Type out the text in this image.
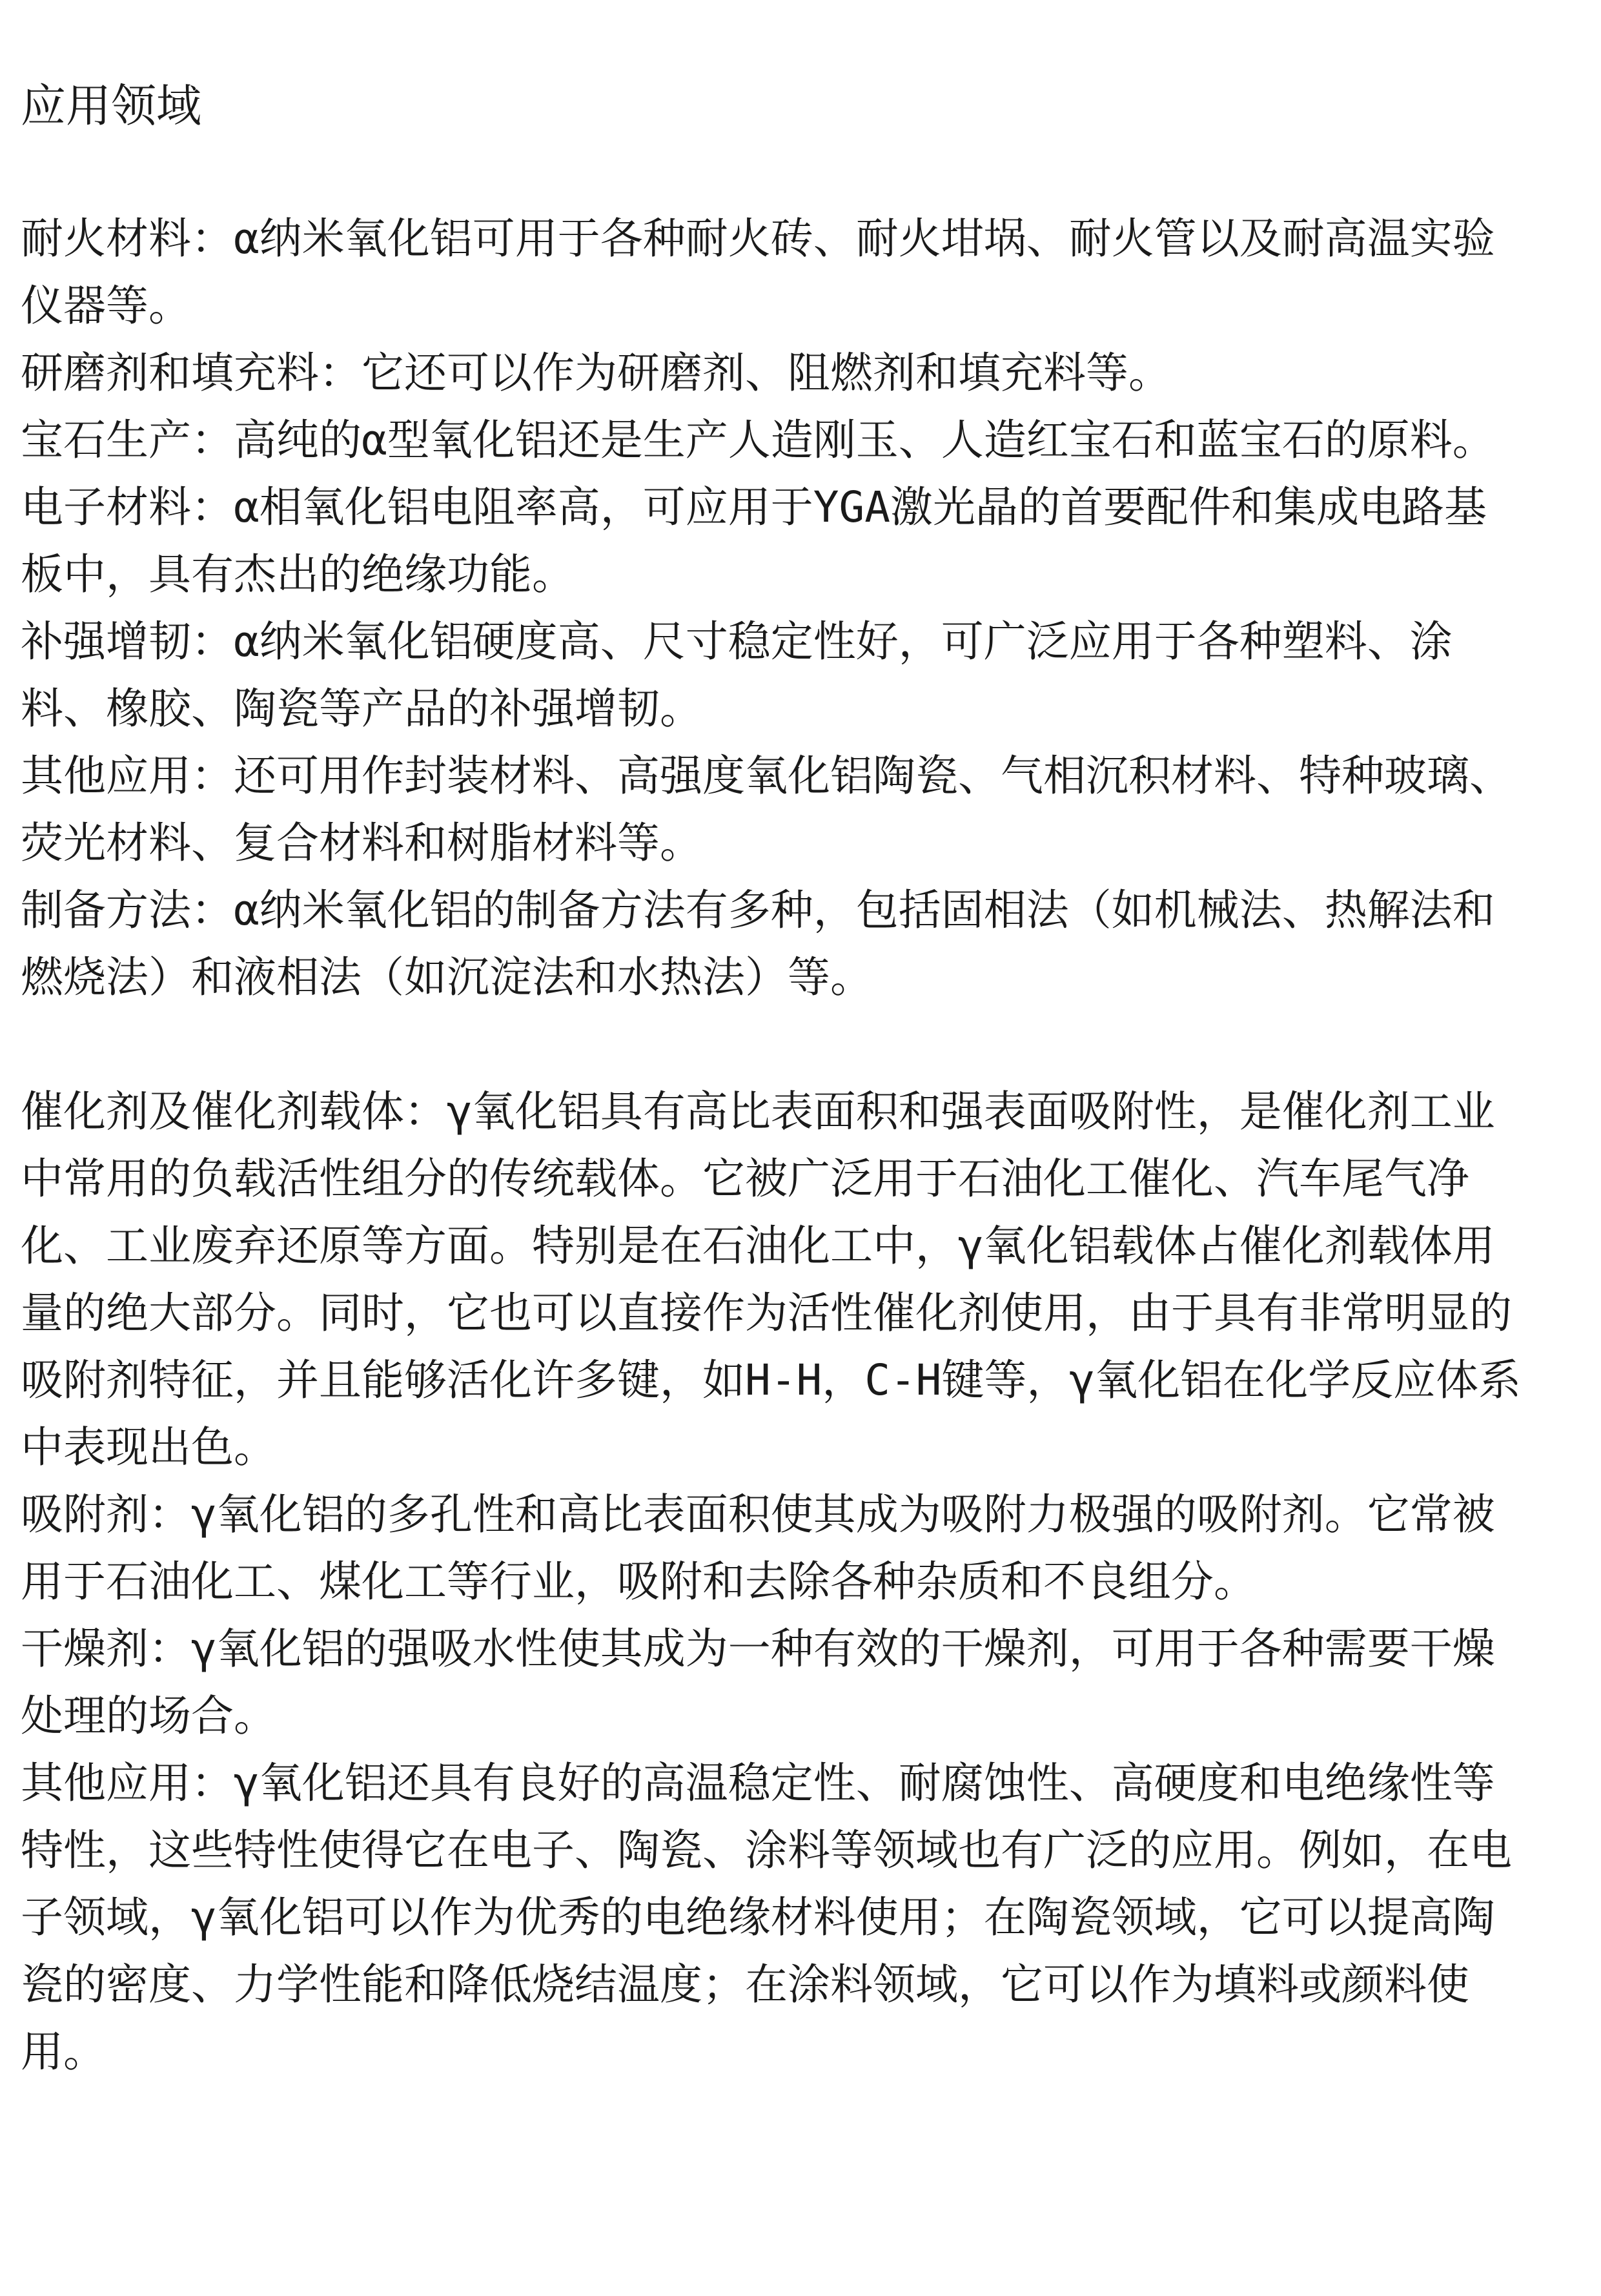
应用领域

耐火材料：α纳米氧化铝可用于各种耐火砖、耐火坩埚、耐火管以及耐高温实验仪器等。

研磨剂和填充料：它还可以作为研磨剂、阻燃剂和填充料等。

宝石生产：高纯的α型氧化铝还是生产人造刚玉、人造红宝石和蓝宝石的原料。

电子材料：α相氧化铝电阻率高，可应用于YGA激光晶的首要配件和集成电路基板中，具有杰出的绝缘功能。

补强增韧：α纳米氧化铝硬度高、尺寸稳定性好，可广泛应用于各种塑料、涂料、橡胶、陶瓷等产品的补强增韧。

其他应用：还可用作封装材料、高强度氧化铝陶瓷、气相沉积材料、特种玻璃、荧光材料、复合材料和树脂材料等。

制备方法：α纳米氧化铝的制备方法有多种，包括固相法（如机械法、热解法和燃烧法）和液相法（如沉淀法和水热法）等。

催化剂及催化剂载体：γ氧化铝具有高比表面积和强表面吸附性，是催化剂工业中常用的负载活性组分的传统载体。它被广泛用于石油化工催化、汽车尾气净化、工业废弃还原等方面。特别是在石油化工中，γ氧化铝载体占催化剂载体用量的绝大部分。同时，它也可以直接作为活性催化剂使用，由于具有非常明显的吸附剂特征，并且能够活化许多键，如H-H，C-H键等，γ氧化铝在化学反应体系中表现出色。

吸附剂：γ氧化铝的多孔性和高比表面积使其成为吸附力极强的吸附剂。它常被用于石油化工、煤化工等行业，吸附和去除各种杂质和不良组分。

干燥剂：γ氧化铝的强吸水性使其成为一种有效的干燥剂，可用于各种需要干燥处理的场合。

其他应用：γ氧化铝还具有良好的高温稳定性、耐腐蚀性、高硬度和电绝缘性等特性，这些特性使得它在电子、陶瓷、涂料等领域也有广泛的应用。例如，在电子领域，γ氧化铝可以作为优秀的电绝缘材料使用；在陶瓷领域，它可以提高陶瓷的密度、力学性能和降低烧结温度；在涂料领域，它可以作为填料或颜料使用。
